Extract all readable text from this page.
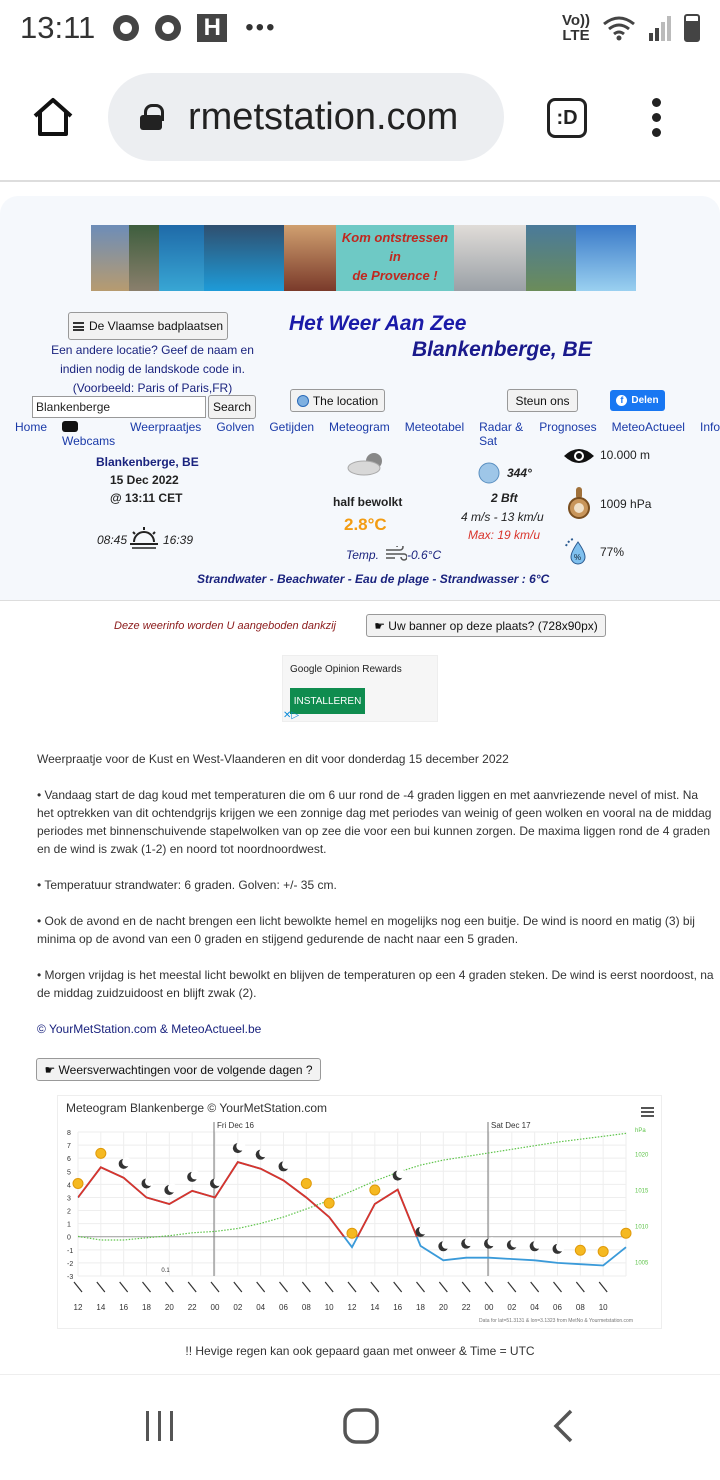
13:11	H •••	Vo))
LTE
rmetstation.com	:D
Kom ontstressen
in
de Provence !
De Vlaamse badplaatsen
Een andere locatie? Geef de naam en indien nodig de landskode code in. (Voorbeeld: Paris of Paris,FR)
Het Weer Aan Zee
Blankenberge, BE
Blankenberge	Search	The location	Steun ons	f Delen
Home
Webcams
Weerpraatjes Golven Getijden Meteogram Meteotabel Radar & Sat
Prognoses MeteoActueel Info
Blankenberge, BE
15 Dec 2022
@ 13:11 CET
08:45	16:39
half bewolkt
2.8°C
Temp. -0.6°C
344°
2 Bft
4 m/s - 13 km/u
Max: 19 km/u
10.000 m
1009 hPa
% 77%
Strandwater - Beachwater - Eau de plage - Strandwasser : 6°C
Deze weerinfo worden U aangeboden dankzij	☛ Uw banner op deze plaats? (728x90px)
Google Opinion Rewards
INSTALLEREN
✕▷

Weerpraatje voor de Kust en West-Vlaanderen en dit voor donderdag 15 december 2022

• Vandaag start de dag koud met temperaturen die om 6 uur rond de -4 graden liggen en met aanvriezende nevel of mist. Na het optrekken van dit ochtendgrijs krijgen we een zonnige dag met periodes van weinig of geen wolken en vooral na de middag periodes met binnenschuivende stapelwolken van op zee die voor een bui kunnen zorgen. De maxima liggen rond de 4 graden en de wind is zwak (1-2) en noord tot noordnoordwest.

• Temperatuur strandwater: 6 graden. Golven: +/- 35 cm.

• Ook de avond en de nacht brengen een licht bewolkte hemel en mogelijks nog een buitje. De wind is noord en matig (3) bij minima op de avond van een 0 graden en stijgend gedurende de nacht naar een 5 graden.

• Morgen vrijdag is het meestal licht bewolkt en blijven de temperaturen op een 4 graden steken. De wind is eerst noordoost, na de middag zuidzuidoost en blijft zwak (2).

© YourMetStation.com & MeteoActueel.be

☛ Weersverwachtingen voor de volgende dagen ?
Meteogram Blankenberge © YourMetStation.com
8
7
6
5
4
3
2
1
0
-1
-2
-3
hPa
1020
1015
1010
1005
Fri Dec 16	Sat Dec 17
0.1
12 14 16 18 20 22 00 02 04 06 08 10 12 14 16 18 20 22 00 02 04 06 08 10
Data for lat=51.3131 & lon=3.1323 from MetNo & Yourmetstation.com
!! Hevige regen kan ook gepaard gaan met onweer & Time = UTC
